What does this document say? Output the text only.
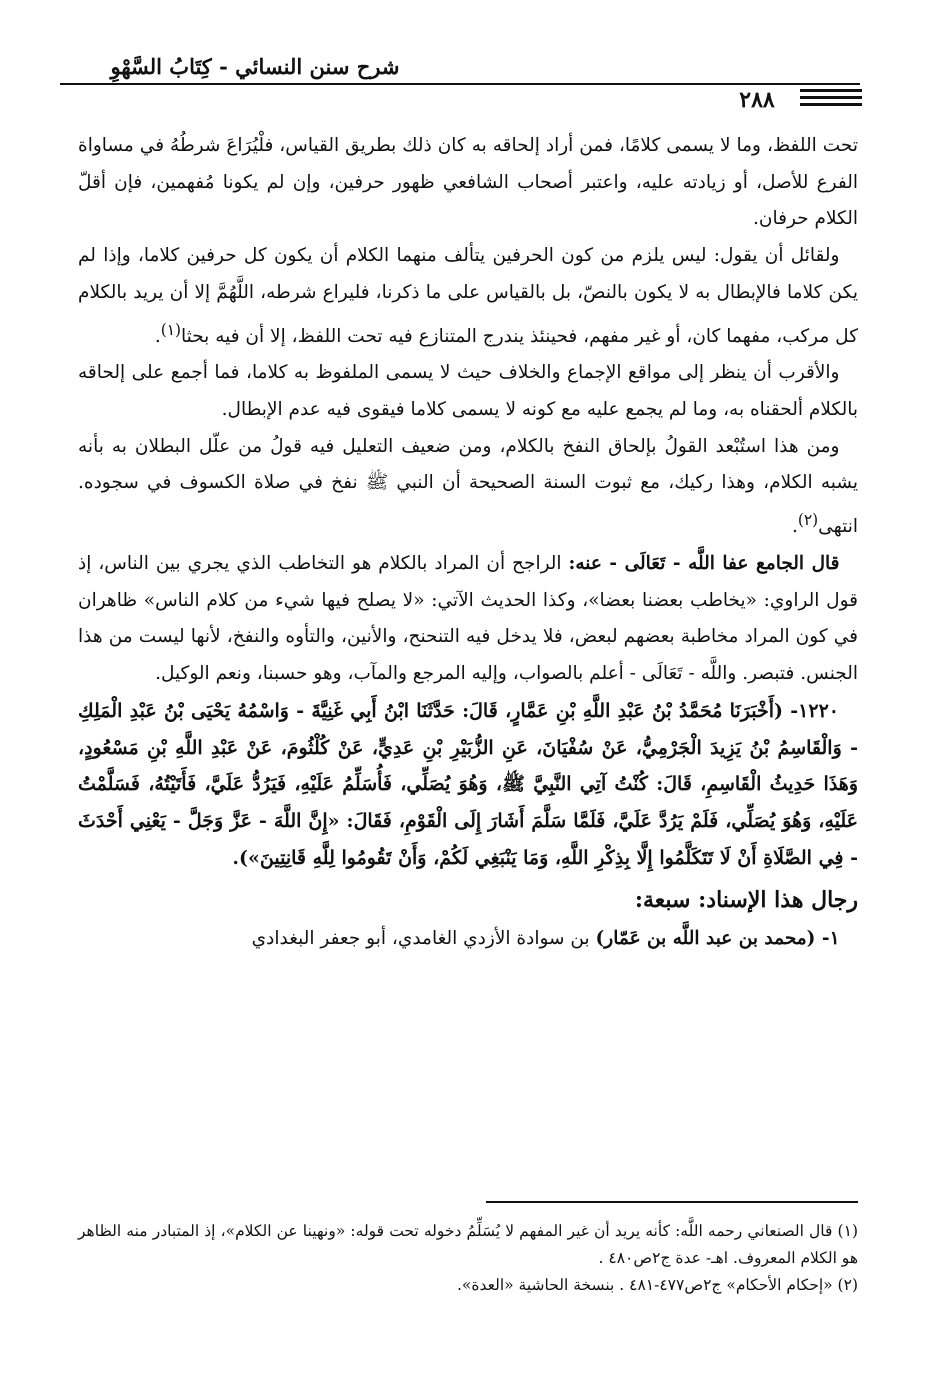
شرح سنن النسائي - كِتَابُ السَّهْوِ
٢٨٨

تحت اللفظ، وما لا يسمى كلامًا، فمن أراد إلحاقه به كان ذلك بطريق القياس، فلْيُرَاعَ شرطُهُ في مساواة الفرع للأصل، أو زيادته عليه، واعتبر أصحاب الشافعي ظهور حرفين، وإن لم يكونا مُفهمين، فإن أقلّ الكلام حرفان.

 ولقائل أن يقول: ليس يلزم من كون الحرفين يتألف منهما الكلام أن يكون كل حرفين كلاما، وإذا لم يكن كلاما فالإبطال به لا يكون بالنصّ، بل بالقياس على ما ذكرنا، فليراع شرطه، اللَّهُمَّ إلا أن يريد بالكلام كل مركب، مفهما كان، أو غير مفهم، فحينئذ يندرج المتنازع فيه تحت اللفظ، إلا أن فيه بحثا$^{(١)}$.

 والأقرب أن ينظر إلى مواقع الإجماع والخلاف حيث لا يسمى الملفوظ به كلاما، فما أجمع على إلحاقه بالكلام ألحقناه به، وما لم يجمع عليه مع كونه لا يسمى كلاما فيقوى فيه عدم الإبطال.

 ومن هذا استُبْعد القولُ بإلحاق النفخ بالكلام، ومن ضعيف التعليل فيه قولُ من علّل البطلان به بأنه يشبه الكلام، وهذا ركيك، مع ثبوت السنة الصحيحة أن النبي ﷺ نفخ في صلاة الكسوف في سجوده. انتهى$^{(٢)}$.

 قال الجامع عفا اللَّه - تَعَالَى - عنه: الراجح أن المراد بالكلام هو التخاطب الذي يجري بين الناس، إذ قول الراوي: «يخاطب بعضنا بعضا»، وكذا الحديث الآتي: «لا يصلح فيها شيء من كلام الناس» ظاهران في كون المراد مخاطبة بعضهم لبعض، فلا يدخل فيه التنحنح، والأنين، والتأوه والنفخ، لأنها ليست من هذا الجنس. فتبصر. واللَّه - تَعَالَى - أعلم بالصواب، وإليه المرجع والمآب، وهو حسبنا، ونعم الوكيل.

 ١٢٢٠- (أَخْبَرَنَا مُحَمَّدُ بْنُ عَبْدِ اللَّهِ بْنِ عَمَّارٍ، قَالَ: حَدَّثَنَا ابْنُ أَبِي غَنِيَّةَ - وَاسْمُهُ يَحْيَى بْنُ عَبْدِ الْمَلِكِ - وَالْقَاسِمُ بْنُ يَزِيدَ الْجَرْمِيُّ، عَنْ سُفْيَانَ، عَنِ الزُّبَيْرِ بْنِ عَدِيٍّ، عَنْ كُلْثُومَ، عَنْ عَبْدِ اللَّهِ بْنِ مَسْعُودٍ، وَهَذَا حَدِيثُ الْقَاسِمِ، قَالَ: كُنْتُ آتِي النَّبِيَّ ﷺ، وَهُوَ يُصَلِّي، فَأُسَلِّمُ عَلَيْهِ، فَيَرُدُّ عَلَيَّ، فَأَتَيْتُهُ، فَسَلَّمْتُ عَلَيْهِ، وَهُوَ يُصَلِّي، فَلَمْ يَرُدَّ عَلَيَّ، فَلَمَّا سَلَّمَ أَشَارَ إِلَى الْقَوْمِ، فَقَالَ: «إِنَّ اللَّهَ - عَزَّ وَجَلَّ - يَعْنِي أَحْدَثَ - فِي الصَّلَاةِ أَنْ لَا تَتَكَلَّمُوا إِلَّا بِذِكْرِ اللَّهِ، وَمَا يَنْبَغِي لَكُمْ، وَأَنْ تَقُومُوا لِلَّهِ قَانِتِينَ»).

رجال هذا الإسناد: سبعة:

 ١- (محمد بن عبد اللَّه بن عَمّار) بن سوادة الأزدي الغامدي، أبو جعفر البغدادي

(١) قال الصنعاني رحمه اللَّه: كأنه يريد أن غير المفهم لا يُسَلِّمُ دخوله تحت قوله: «ونهينا عن الكلام»، إذ المتبادر منه الظاهر هو الكلام المعروف. اهـ- عدة ج٢ص٤٨٠ .

(٢) «إحكام الأحكام» ج٢ص٤٧٧-٤٨١ . بنسخة الحاشية «العدة».
